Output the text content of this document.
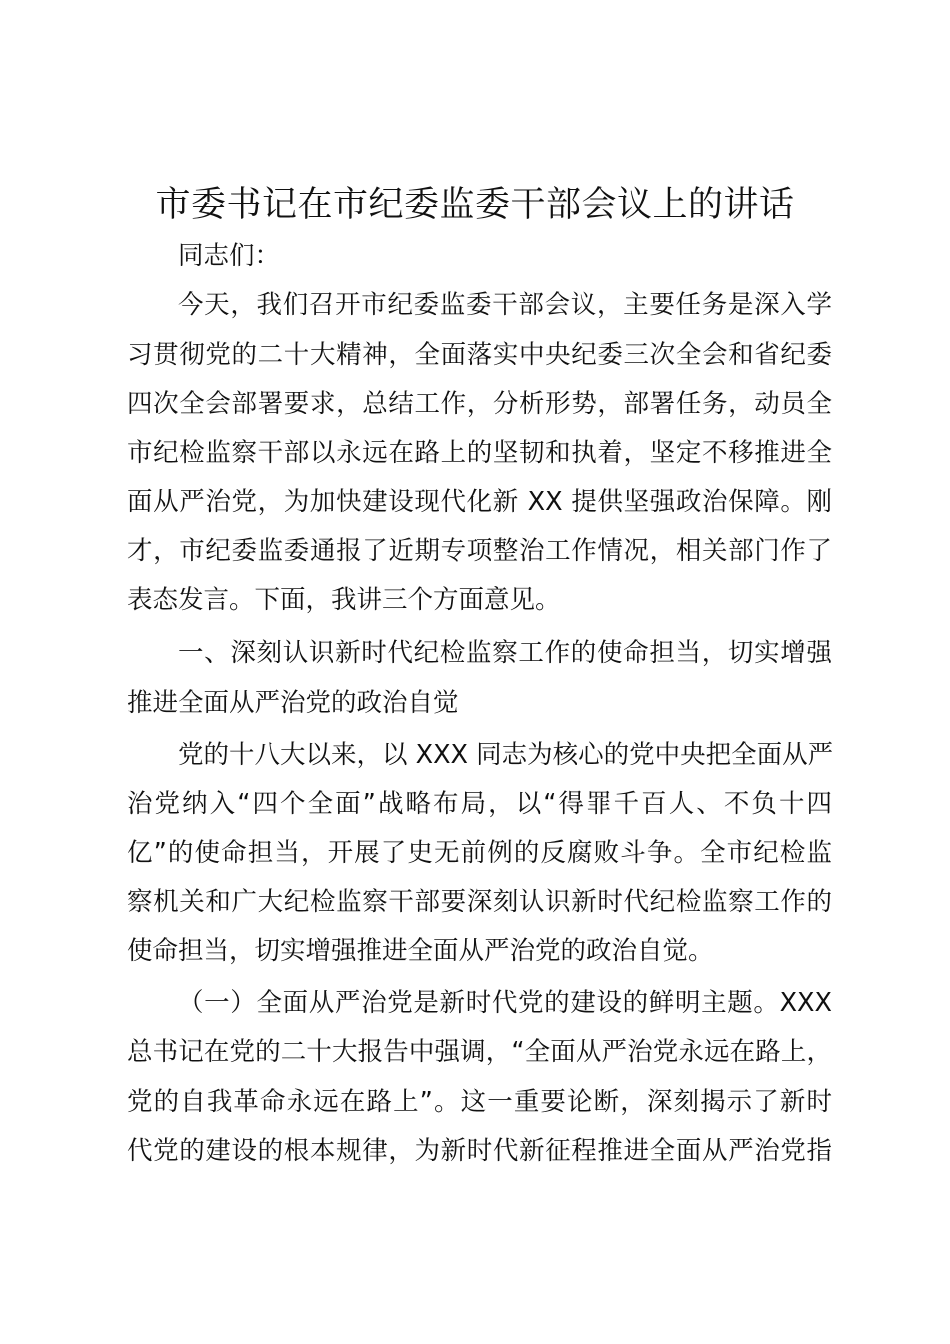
市委书记在市纪委监委干部会议上的讲话

同志们：

今天，我们召开市纪委监委干部会议，主要任务是深入学

习贯彻党的二十大精神，全面落实中央纪委三次全会和省纪委

四次全会部署要求，总结工作，分析形势，部署任务，动员全

市纪检监察干部以永远在路上的坚韧和执着，坚定不移推进全

面从严治党，为加快建设现代化新 XX 提供坚强政治保障。刚

才，市纪委监委通报了近期专项整治工作情况，相关部门作了

表态发言。下面，我讲三个方面意见。

一、深刻认识新时代纪检监察工作的使命担当，切实增强

推进全面从严治党的政治自觉

党的十八大以来，以 XXX 同志为核心的党中央把全面从严

治党纳入“四个全面”战略布局，以“得罪千百人、不负十四

亿”的使命担当，开展了史无前例的反腐败斗争。全市纪检监

察机关和广大纪检监察干部要深刻认识新时代纪检监察工作的

使命担当，切实增强推进全面从严治党的政治自觉。

（一）全面从严治党是新时代党的建设的鲜明主题。XXX

总书记在党的二十大报告中强调，“全面从严治党永远在路上，

党的自我革命永远在路上”。这一重要论断，深刻揭示了新时

代党的建设的根本规律，为新时代新征程推进全面从严治党指
